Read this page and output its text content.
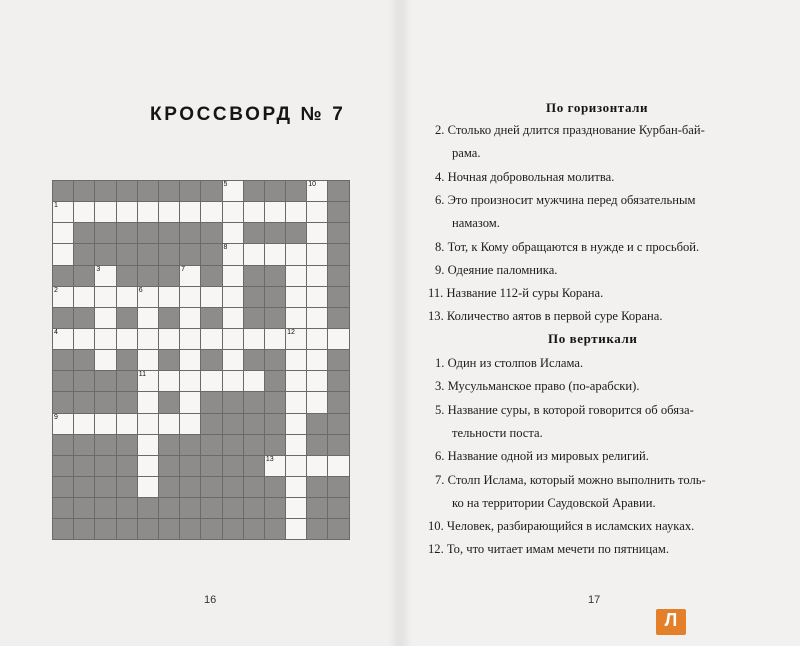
КРОССВОРД № 7
5	10
1
8
3	7
2	6
4	12
11
9
13
16
По горизонтали
2. Столько дней длится празднование Курбан-бай-
рама.
4. Ночная добровольная молитва.
6. Это произносит мужчина перед обязательным
намазом.
8. Тот, к Кому обращаются в нужде и с просьбой.
9. Одеяние паломника.
11. Название 112-й суры Корана.
13. Количество аятов в первой суре Корана.
По вертикали
1. Один из столпов Ислама.
3. Мусульманское право (по-арабски).
5. Название суры, в которой говорится об обяза-
тельности поста.
6. Название одной из мировых религий.
7. Столп Ислама, который можно выполнить толь-
ко на территории Саудовской Аравии.
10. Человек, разбирающийся в исламских науках.
12. То, что читает имам мечети по пятницам.
17
Л
